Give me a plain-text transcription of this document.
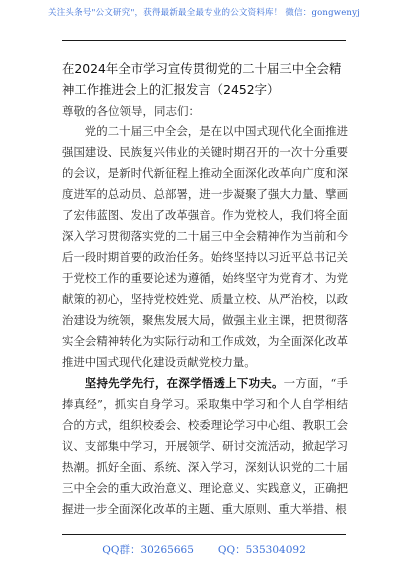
关注头条号"公文研究"，获得最新最全最专业的公文资料库！ 微信：gongwenyj
在2024年全市学习宣传贯彻党的二十届三中全会精神工作推进会上的汇报发言（2452字）

尊敬的各位领导，同志们：

党的二十届三中全会，是在以中国式现代化全面推进强国建设、民族复兴伟业的关键时期召开的一次十分重要的会议，是新时代新征程上推动全面深化改革向广度和深度进军的总动员、总部署，进一步凝聚了强大力量、擘画了宏伟蓝图、发出了改革强音。作为党校人，我们将全面深入学习贯彻落实党的二十届三中全会精神作为当前和今后一段时期首要的政治任务。始终坚持以习近平总书记关于党校工作的重要论述为遵循，始终坚守为党育才、为党献策的初心，坚持党校姓党、质量立校、从严治校，以政治建设为统领，聚焦发展大局，做强主业主课，把贯彻落实全会精神转化为实际行动和工作成效，为全面深化改革推进中国式现代化建设贡献党校力量。

坚持先学先行，在深学悟透上下功夫。一方面，“手捧真经”，抓实自身学习。采取集中学习和个人自学相结合的方式，组织校委会、校委理论学习中心组、教职工会议、支部集中学习，开展领学、研讨交流活动，掀起学习热潮。抓好全面、系统、深入学习，深刻认识党的二十届三中全会的重大政治意义、理论意义、实践意义，正确把握进一步全面深化改革的主题、重大原则、重大举措、根

QQ群：30265665 QQ：535304092
